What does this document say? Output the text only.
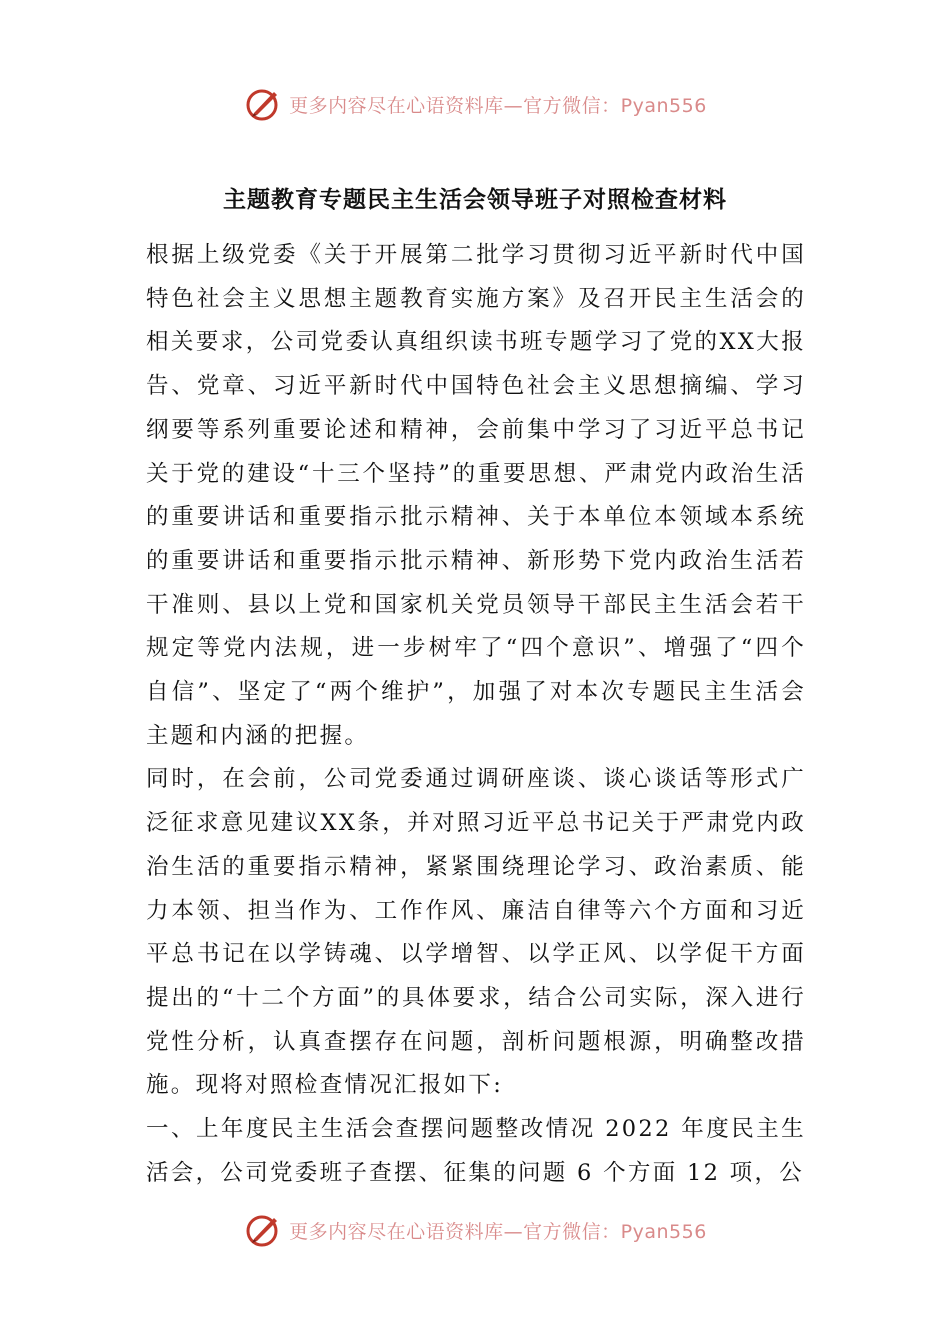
更多内容尽在心语资料库—官方微信：Pyan556
主题教育专题民主生活会领导班子对照检查材料

根据上级党委《关于开展第二批学习贯彻习近平新时代中国特色社会主义思想主题教育实施方案》及召开民主生活会的相关要求，公司党委认真组织读书班专题学习了党的XX大报告、党章、习近平新时代中国特色社会主义思想摘编、学习纲要等系列重要论述和精神，会前集中学习了习近平总书记关于党的建设“十三个坚持”的重要思想、严肃党内政治生活的重要讲话和重要指示批示精神、关于本单位本领域本系统的重要讲话和重要指示批示精神、新形势下党内政治生活若干准则、县以上党和国家机关党员领导干部民主生活会若干规定等党内法规，进一步树牢了“四个意识”、增强了“四个自信”、坚定了“两个维护”，加强了对本次专题民主生活会主题和内涵的把握。

同时，在会前，公司党委通过调研座谈、谈心谈话等形式广泛征求意见建议XX条，并对照习近平总书记关于严肃党内政治生活的重要指示精神，紧紧围绕理论学习、政治素质、能力本领、担当作为、工作作风、廉洁自律等六个方面和习近平总书记在以学铸魂、以学增智、以学正风、以学促干方面提出的“十二个方面”的具体要求，结合公司实际，深入进行党性分析，认真查摆存在问题，剖析问题根源，明确整改措施。现将对照检查情况汇报如下:

一、上年度民主生活会查摆问题整改情况 2022 年度民主生活会，公司党委班子查摆、征集的问题 6 个方面 12 项，公

更多内容尽在心语资料库—官方微信：Pyan556
